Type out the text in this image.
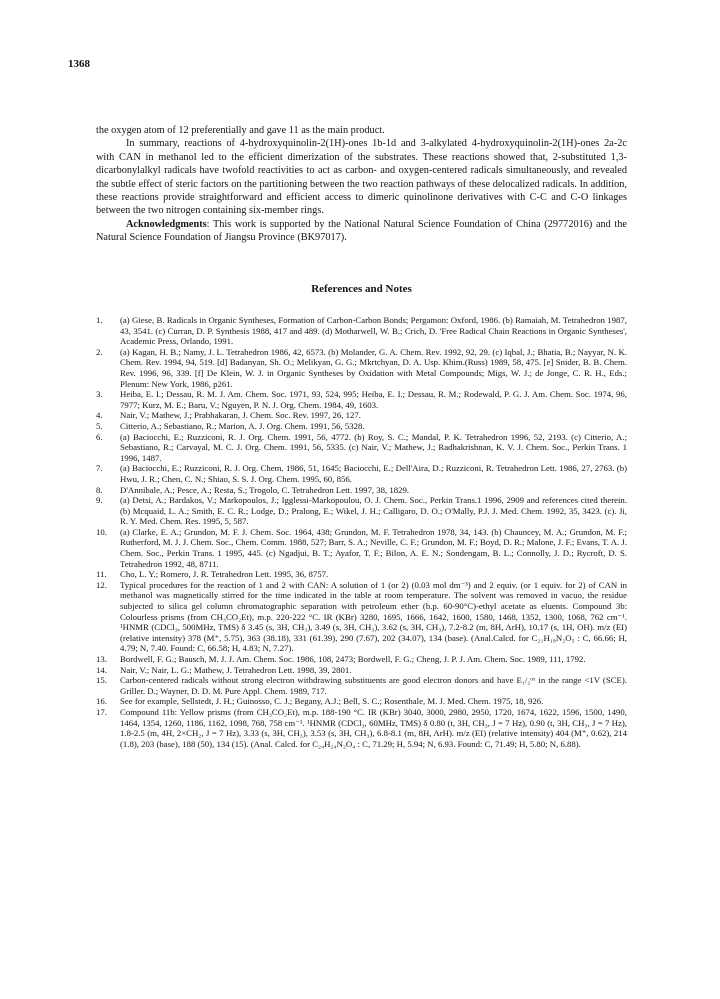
1368

the oxygen atom of 12 preferentially and gave 11 as the main product.

In summary, reactions of 4-hydroxyquinolin-2(1H)-ones 1b-1d and 3-alkylated 4-hydroxyquinolin-2(1H)-ones 2a-2c with CAN in methanol led to the efficient dimerization of the substrates. These reactions showed that, 2-substituted 1,3-dicarbonylalkyl radicals have twofold reactivities to act as carbon- and oxygen-centered radicals simultaneously, and revealed the subtle effect of steric factors on the partitioning between the two reaction pathways of these delocalized radicals. In addition, these reactions provide straightforward and efficient access to dimeric quinolinone derivatives with C-C and C-O linkages between the two nitrogen containing six-member rings.

Acknowledgments: This work is supported by the National Natural Science Foundation of China (29772016) and the Natural Science Foundation of Jiangsu Province (BK97017).

References and Notes
1.	(a) Giese, B. Radicals in Organic Syntheses, Formation of Carbon-Carbon Bonds; Pergamon: Oxford, 1986. (b) Ramaiah, M. Tetrahedron 1987, 43, 3541. (c) Curran, D. P. Synthesis 1988, 417 and 489. (d) Motharwell, W. B.; Crich, D. 'Free Radical Chain Reactions in Organic Syntheses', Academic Press, Orlando, 1991.
2.	(a) Kagan, H. B.; Namy, J. L. Tetrahedron 1986, 42, 6573. (b) Molander, G. A. Chem. Rev. 1992, 92, 29. (c) Iqbal, J.; Bhatia, B.; Nayyar, N. K. Chem. Rev. 1994, 94, 519. [d] Badanyan, Sh. O.; Melikyan, G. G.; Mkrtchyan, D. A. Usp. Khim.(Russ) 1989, 58, 475. [e] Snider, B. B. Chem. Rev. 1996, 96, 339. [f] De Klein, W. J. in Organic Syntheses by Oxidation with Metal Compounds; Migs, W. J.; de Jonge, C. R. H., Eds.; Plenum: New York, 1986, p261.
3.	Heiba, E. I.; Dessau, R. M. J. Am. Chem. Soc. 1971, 93, 524, 995; Heiba, E. I.; Dessau, R. M.; Rodewald, P. G. J. Am. Chem. Soc. 1974, 96, 7977; Kurz, M. E.; Baru, V.; Nguyen, P. N. J. Org. Chem. 1984, 49, 1603.
4.	Nair, V.; Mathew, J.; Prabhakaran, J. Chem. Soc. Rev. 1997, 26, 127.
5.	Citterio, A.; Sebastiano, R.; Marion, A. J. Org. Chem. 1991, 56, 5328.
6.	(a) Baciocchi, E.; Ruzziconi, R. J. Org. Chem. 1991, 56, 4772. (b) Roy, S. C.; Mandal, P. K. Tetrahedron 1996, 52, 2193. (c) Citterio, A.; Sebastiano, R.; Carvayal, M. C. J. Org. Chem. 1991, 56, 5335. (c) Nair, V.; Mathew, J.; Radhakrishnan, K. V. J. Chem. Soc., Perkin Trans. 1 1996, 1487.
7.	(a) Baciocchi, E.; Ruzziconi, R. J. Org. Chem. 1986, 51, 1645; Baciocchi, E.; Dell'Aira, D.; Ruzziconi, R. Tetrahedron Lett. 1986, 27, 2763. (b) Hwu, J. R.; Chen, C. N.; Shiao, S. S. J. Org. Chem. 1995, 60, 856.
8.	D'Annibale, A.; Pesce, A.; Resta, S.; Trogolo, C. Tetrahedron Lett. 1997, 38, 1829.
9.	(a) Detsi, A.; Bardakos, V.; Markopoulos, J.; Igglessi-Markopoulou, O. J. Chem. Soc., Perkin Trans.1 1996, 2909 and references cited therein. (b) Mcquaid, L. A.; Smith, E. C. R.; Lodge, D.; Pralong, E.; Wikel, J. H.; Calligaro, D. O.; O'Mally, P.J. J. Med. Chem. 1992, 35, 3423. (c). Ji, R. Y. Med. Chem. Res. 1995, 5, 587.
10.	(a) Clarke, E. A.; Grundon, M. F. J. Chem. Soc. 1964, 438; Grundon, M. F. Tetrahedron 1978, 34, 143. (b) Chauncey, M. A.; Grundon, M. F.; Rutherford, M. J. J. Chem. Soc., Chem. Comm. 1988, 527; Barr, S. A.; Neville, C. F.; Grundon, M. F.; Boyd, D. R.; Malone, J. F.; Evans, T. A. J. Chem. Soc., Perkin Trans. 1 1995, 445. (c) Ngadjui, B. T.; Ayafor, T. F.; Bilon, A. E. N.; Sondengam, B. L.; Connolly, J. D.; Rycroft, D. S. Tetrahedron 1992, 48, 8711.
11.	Cho, L. Y.; Romero, J. R. Tetrahedron Lett. 1995, 36, 8757.
12.	Typical procedures for the reaction of 1 and 2 with CAN: A solution of 1 (or 2) (0.03 mol dm⁻³) and 2 equiv. (or 1 equiv. for 2) of CAN in methanol was magnetically stirred for the time indicated in the table at room temperature. The solvent was removed in vacuo, the residue subjected to silica gel column chromatographic separation with petroleum ether (b.p. 60-90°C)-ethyl acetate as eluents. Compound 3b: Colourless prisms (from CH₃CO₂Et), m.p. 220-222 °C. IR (KBr) 3280, 1695, 1666, 1642, 1600, 1580, 1468, 1352, 1300, 1068, 762 cm⁻¹. ¹HNMR (CDCl₃, 500MHz, TMS) δ 3.45 (s, 3H, CH₃), 3.49 (s, 3H, CH₃), 3.62 (s, 3H, CH₃), 7.2-8.2 (m, 8H, ArH), 10.17 (s, 1H, OH). m/z (EI) (relative intensity) 378 (M⁺, 5.75), 363 (38.18), 331 (61.39), 290 (7.67), 202 (34.07), 134 (base). (Anal.Calcd. for C₂₁H₁₈N₂O₅ : C, 66.66; H, 4.79; N, 7.40. Found: C, 66.58; H, 4.83; N, 7.27).
13.	Bordwell, F. G.; Bausch, M. J. J. Am. Chem. Soc. 1986, 108, 2473; Bordwell, F. G.; Cheng, J. P. J. Am. Chem. Soc. 1989, 111, 1792.
14.	Nair, V.; Nair, L. G.; Mathew, J. Tetrahedron Lett. 1998, 39, 2801.
15.	Carbon-centered radicals without strong electron withdrawing substituents are good electron donors and have E₁/₂ᵒˣ in the range <1V (SCE). Griller. D.; Wayner, D. D. M. Pure Appl. Chem. 1989, 717.
16.	See for example, Sellstedt, J. H.; Guinosso, C. J.; Begany, A.J.; Bell, S. C.; Rosenthale, M. J. Med. Chem. 1975, 18, 926.
17.	Compound 11b: Yellow prisms (from CH₃CO₂Et), m.p. 188-190 °C. IR (KBr) 3040, 3000, 2980, 2950, 1720, 1674, 1622, 1596, 1500, 1490, 1464, 1354, 1260, 1186, 1162, 1098, 768, 758 cm⁻¹. ¹HNMR (CDCl₃, 60MHz, TMS) δ 0.80 (t, 3H, CH₃, J = 7 Hz), 0.90 (t, 3H, CH₃, J = 7 Hz), 1.8-2.5 (m, 4H, 2×CH₂, J = 7 Hz), 3.33 (s, 3H, CH₃), 3.53 (s, 3H, CH₃), 6.8-8.1 (m, 8H, ArH). m/z (EI) (relative intensity) 404 (M⁺, 0.62), 214 (1.8), 203 (base), 188 (50), 134 (15). (Anal. Calcd. for C₂₄H₂₄N₂O₄ : C, 71.29; H, 5.94; N, 6.93. Found: C, 71.49; H, 5.80; N, 6.88).
